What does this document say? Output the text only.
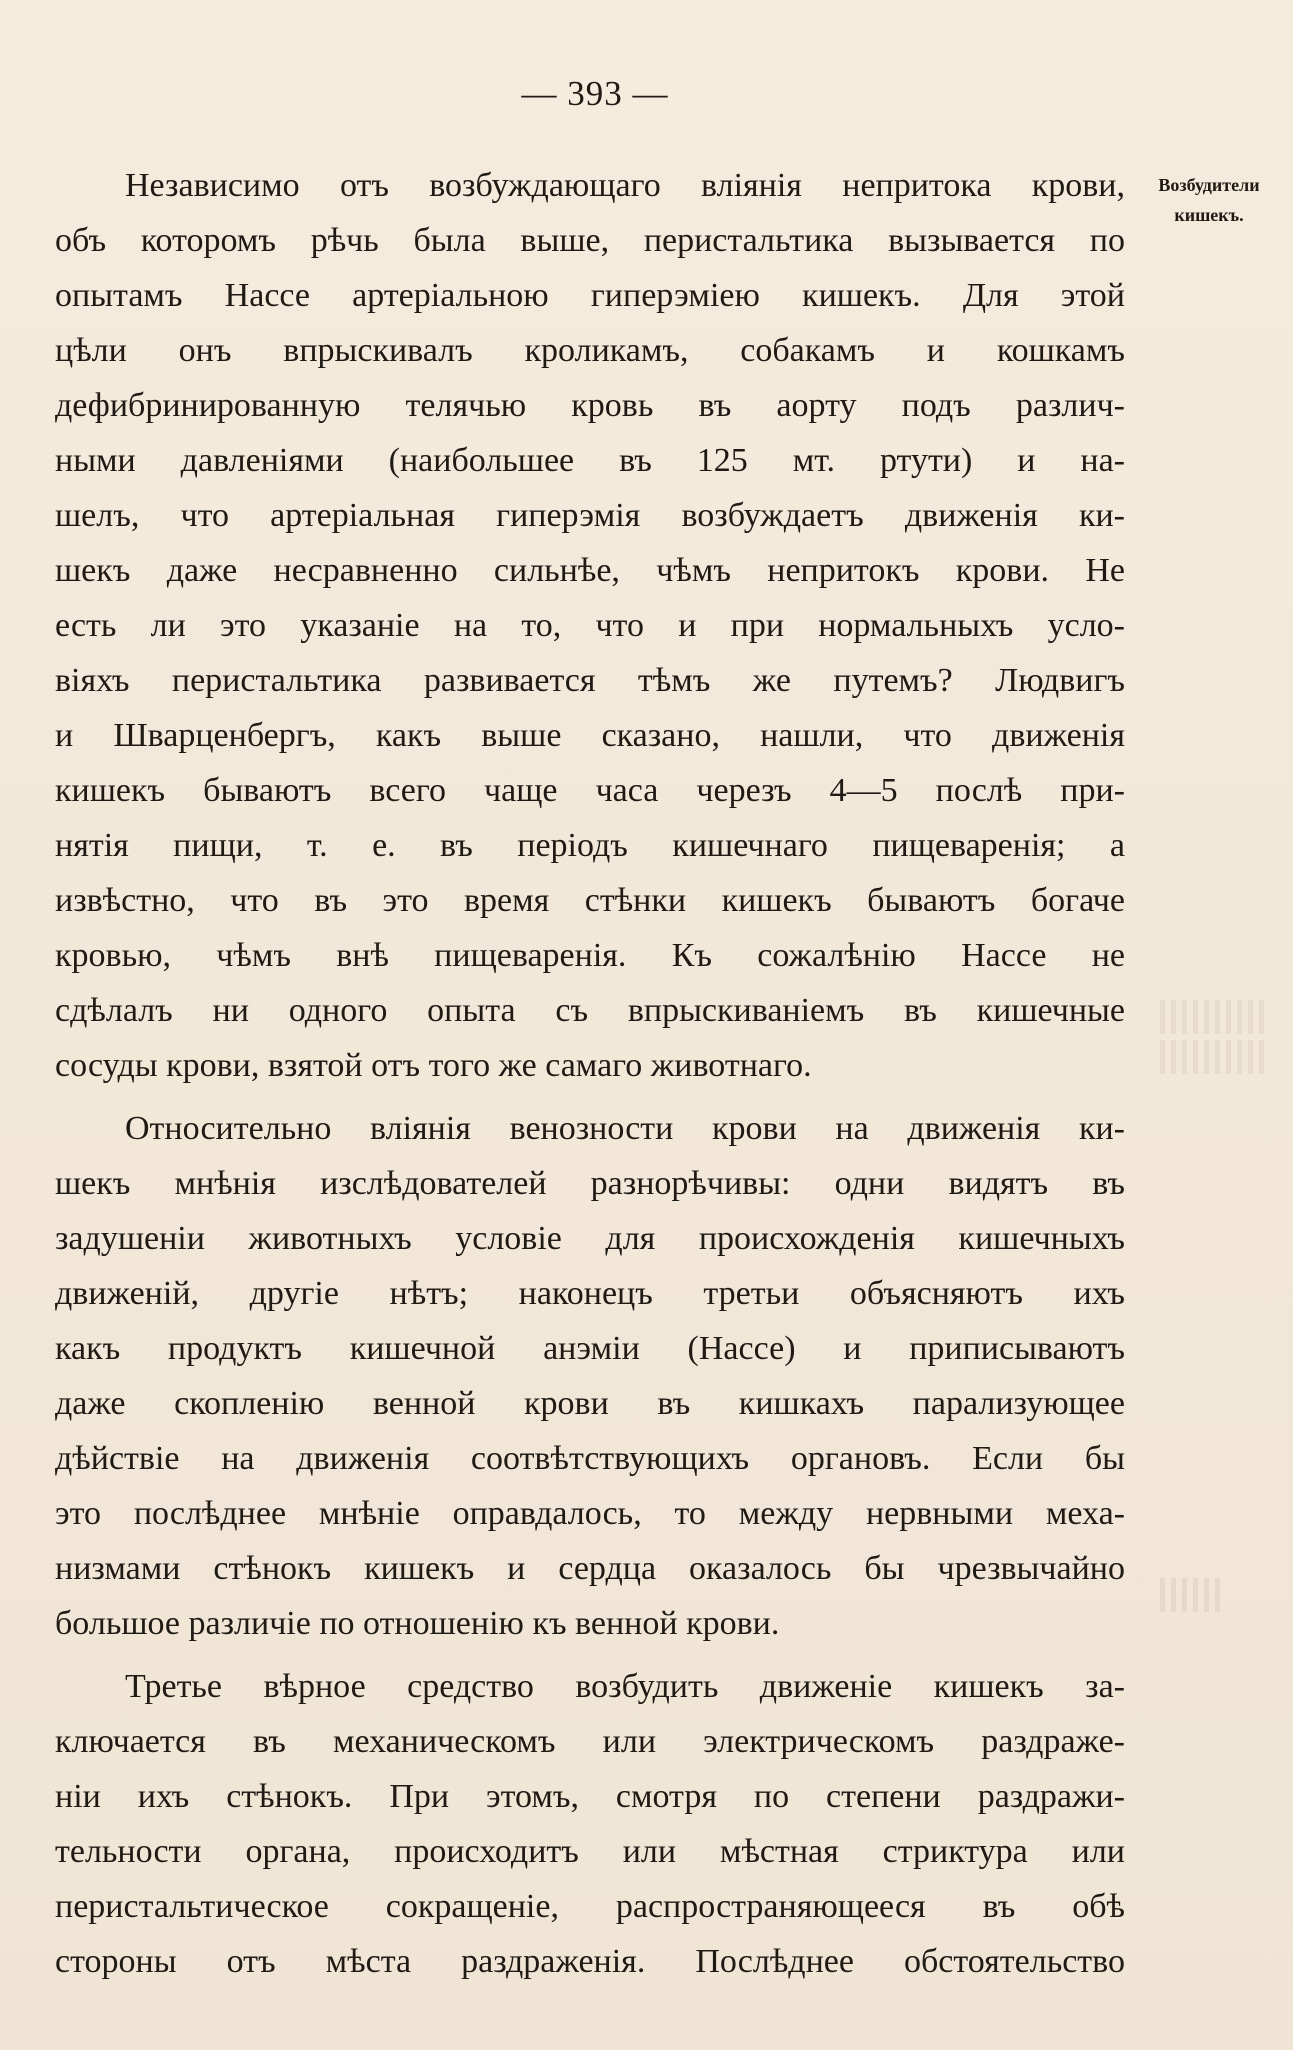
— 393 —
Возбудители
кишекъ.
Независимо отъ возбуждающаго вліянія непритока крови,
объ которомъ рѣчь была выше, перистальтика вызывается по
опытамъ Нассе артеріальною гиперэміею кишекъ. Для этой
цѣли онъ впрыскивалъ кроликамъ, собакамъ и кошкамъ
дефибринированную телячью кровь въ аорту подъ различ-
ными давленіями (наибольшее въ 125 мт. ртути) и на-
шелъ, что артеріальная гиперэмія возбуждаетъ движенія ки-
шекъ даже несравненно сильнѣе, чѣмъ непритокъ крови. Не
есть ли это указаніе на то, что и при нормальныхъ усло-
віяхъ перистальтика развивается тѣмъ же путемъ? Людвигъ
и Шварценбергъ, какъ выше сказано, нашли, что движенія
кишекъ бываютъ всего чаще часа черезъ 4—5 послѣ при-
нятія пищи, т. е. въ періодъ кишечнаго пищеваренія; а
извѣстно, что въ это время стѣнки кишекъ бываютъ богаче
кровью, чѣмъ внѣ пищеваренія. Къ сожалѣнію Нассе не
сдѣлалъ ни одного опыта съ впрыскиваніемъ въ кишечные
сосуды крови, взятой отъ того же самаго животнаго.
Относительно вліянія венозности крови на движенія ки-
шекъ мнѣнія изслѣдователей разнорѣчивы: одни видятъ въ
задушеніи животныхъ условіе для происхожденія кишечныхъ
движеній, другіе нѣтъ; наконецъ третьи объясняютъ ихъ
какъ продуктъ кишечной анэміи (Нассе) и приписываютъ
даже скопленію венной крови въ кишкахъ парализующее
дѣйствіе на движенія соотвѣтствующихъ органовъ. Если бы
это послѣднее мнѣніе оправдалось, то между нервными меха-
низмами стѣнокъ кишекъ и сердца оказалось бы чрезвычайно
большое различіе по отношенію къ венной крови.
Третье вѣрное средство возбудить движеніе кишекъ за-
ключается въ механическомъ или электрическомъ раздраже-
ніи ихъ стѣнокъ. При этомъ, смотря по степени раздражи-
тельности органа, происходитъ или мѣстная стриктура или
перистальтическое сокращеніе, распространяющееся въ обѣ
стороны отъ мѣста раздраженія. Послѣднее обстоятельство
